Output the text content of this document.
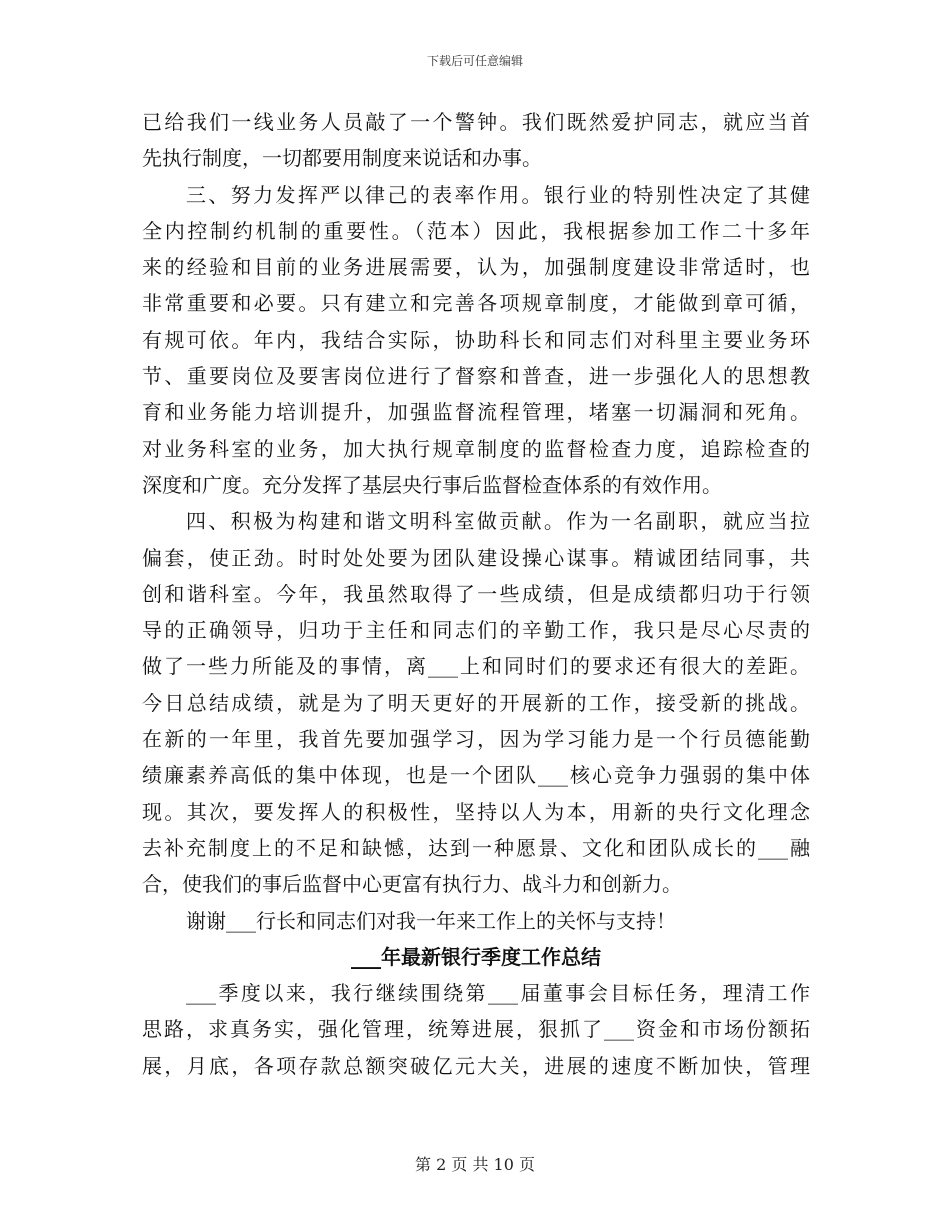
下载后可任意编辑
已给我们一线业务人员敲了一个警钟。我们既然爱护同志，就应当首
先执行制度，一切都要用制度来说话和办事。
三、努力发挥严以律己的表率作用。银行业的特别性决定了其健
全内控制约机制的重要性。（范本）因此，我根据参加工作二十多年
来的经验和目前的业务进展需要，认为，加强制度建设非常适时，也
非常重要和必要。只有建立和完善各项规章制度，才能做到章可循，
有规可依。年内，我结合实际，协助科长和同志们对科里主要业务环
节、重要岗位及要害岗位进行了督察和普查，进一步强化人的思想教
育和业务能力培训提升，加强监督流程管理，堵塞一切漏洞和死角。
对业务科室的业务，加大执行规章制度的监督检查力度，追踪检查的
深度和广度。充分发挥了基层央行事后监督检查体系的有效作用。
四、积极为构建和谐文明科室做贡献。作为一名副职，就应当拉
偏套，使正劲。时时处处要为团队建设操心谋事。精诚团结同事，共
创和谐科室。今年，我虽然取得了一些成绩，但是成绩都归功于行领
导的正确领导，归功于主任和同志们的辛勤工作，我只是尽心尽责的
做了一些力所能及的事情，离___上和同时们的要求还有很大的差距。
今日总结成绩，就是为了明天更好的开展新的工作，接受新的挑战。
在新的一年里，我首先要加强学习，因为学习能力是一个行员德能勤
绩廉素养高低的集中体现，也是一个团队___核心竞争力强弱的集中体
现。其次，要发挥人的积极性，坚持以人为本，用新的央行文化理念
去补充制度上的不足和缺憾，达到一种愿景、文化和团队成长的___融
合，使我们的事后监督中心更富有执行力、战斗力和创新力。
谢谢___行长和同志们对我一年来工作上的关怀与支持！
___年最新银行季度工作总结
___季度以来，我行继续围绕第___届董事会目标任务，理清工作
思路，求真务实，强化管理，统筹进展，狠抓了___资金和市场份额拓
展，月底，各项存款总额突破亿元大关，进展的速度不断加快，管理
第 2 页 共 10 页
